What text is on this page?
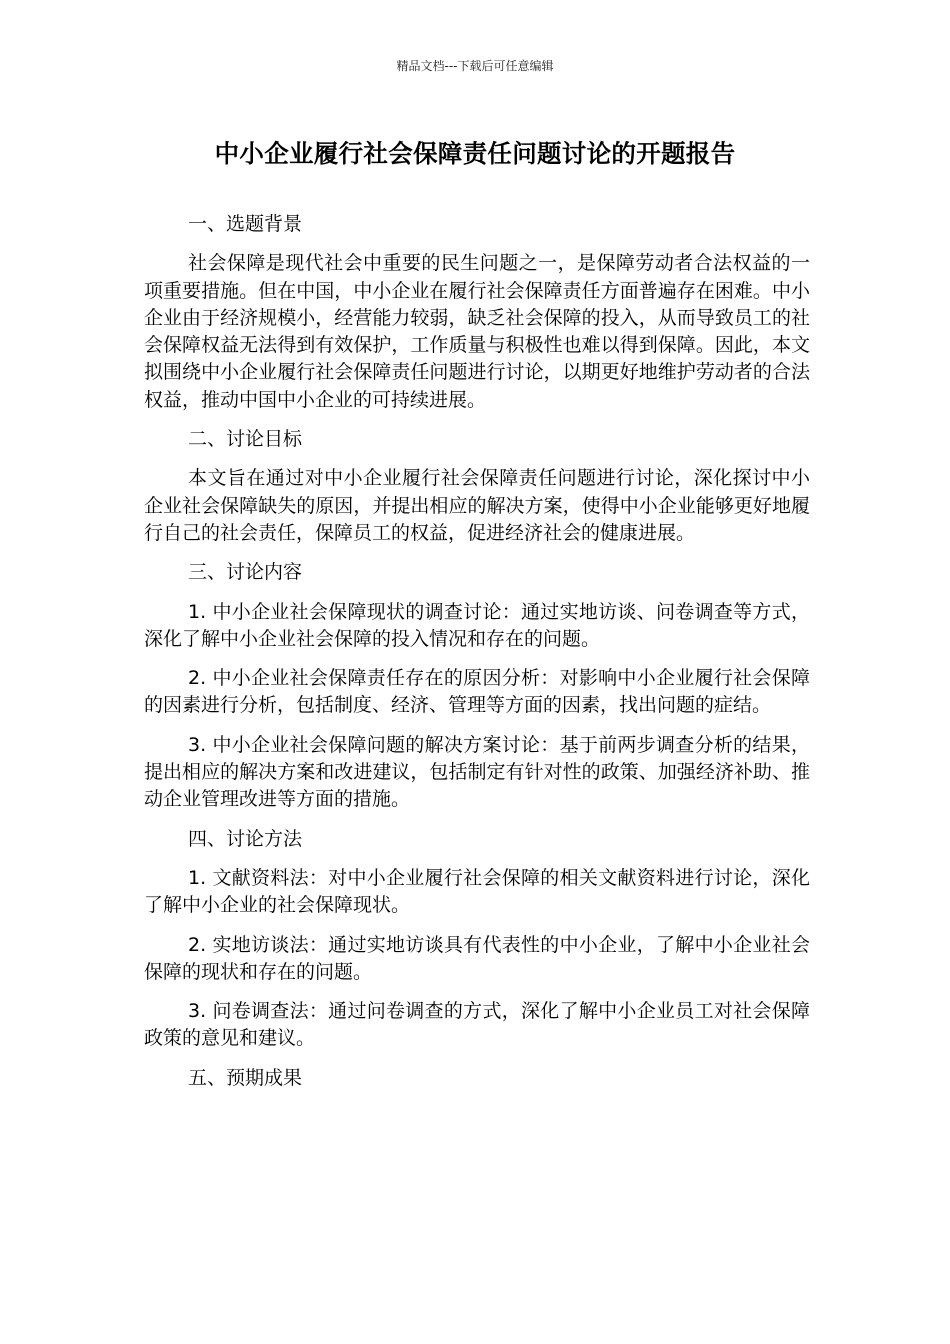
精品文档---下载后可任意编辑
中小企业履行社会保障责任问题讨论的开题报告

一、选题背景

社会保障是现代社会中重要的民生问题之一，是保障劳动者合法权益的一项重要措施。但在中国，中小企业在履行社会保障责任方面普遍存在困难。中小企业由于经济规模小，经营能力较弱，缺乏社会保障的投入，从而导致员工的社会保障权益无法得到有效保护，工作质量与积极性也难以得到保障。因此，本文拟围绕中小企业履行社会保障责任问题进行讨论，以期更好地维护劳动者的合法权益，推动中国中小企业的可持续进展。

二、讨论目标

本文旨在通过对中小企业履行社会保障责任问题进行讨论，深化探讨中小企业社会保障缺失的原因，并提出相应的解决方案，使得中小企业能够更好地履行自己的社会责任，保障员工的权益，促进经济社会的健康进展。

三、讨论内容

1. 中小企业社会保障现状的调查讨论：通过实地访谈、问卷调查等方式，深化了解中小企业社会保障的投入情况和存在的问题。

2. 中小企业社会保障责任存在的原因分析：对影响中小企业履行社会保障的因素进行分析，包括制度、经济、管理等方面的因素，找出问题的症结。

3. 中小企业社会保障问题的解决方案讨论：基于前两步调查分析的结果，提出相应的解决方案和改进建议，包括制定有针对性的政策、加强经济补助、推动企业管理改进等方面的措施。

四、讨论方法

1. 文献资料法：对中小企业履行社会保障的相关文献资料进行讨论，深化了解中小企业的社会保障现状。

2. 实地访谈法：通过实地访谈具有代表性的中小企业，了解中小企业社会保障的现状和存在的问题。

3. 问卷调查法：通过问卷调查的方式，深化了解中小企业员工对社会保障政策的意见和建议。

五、预期成果
